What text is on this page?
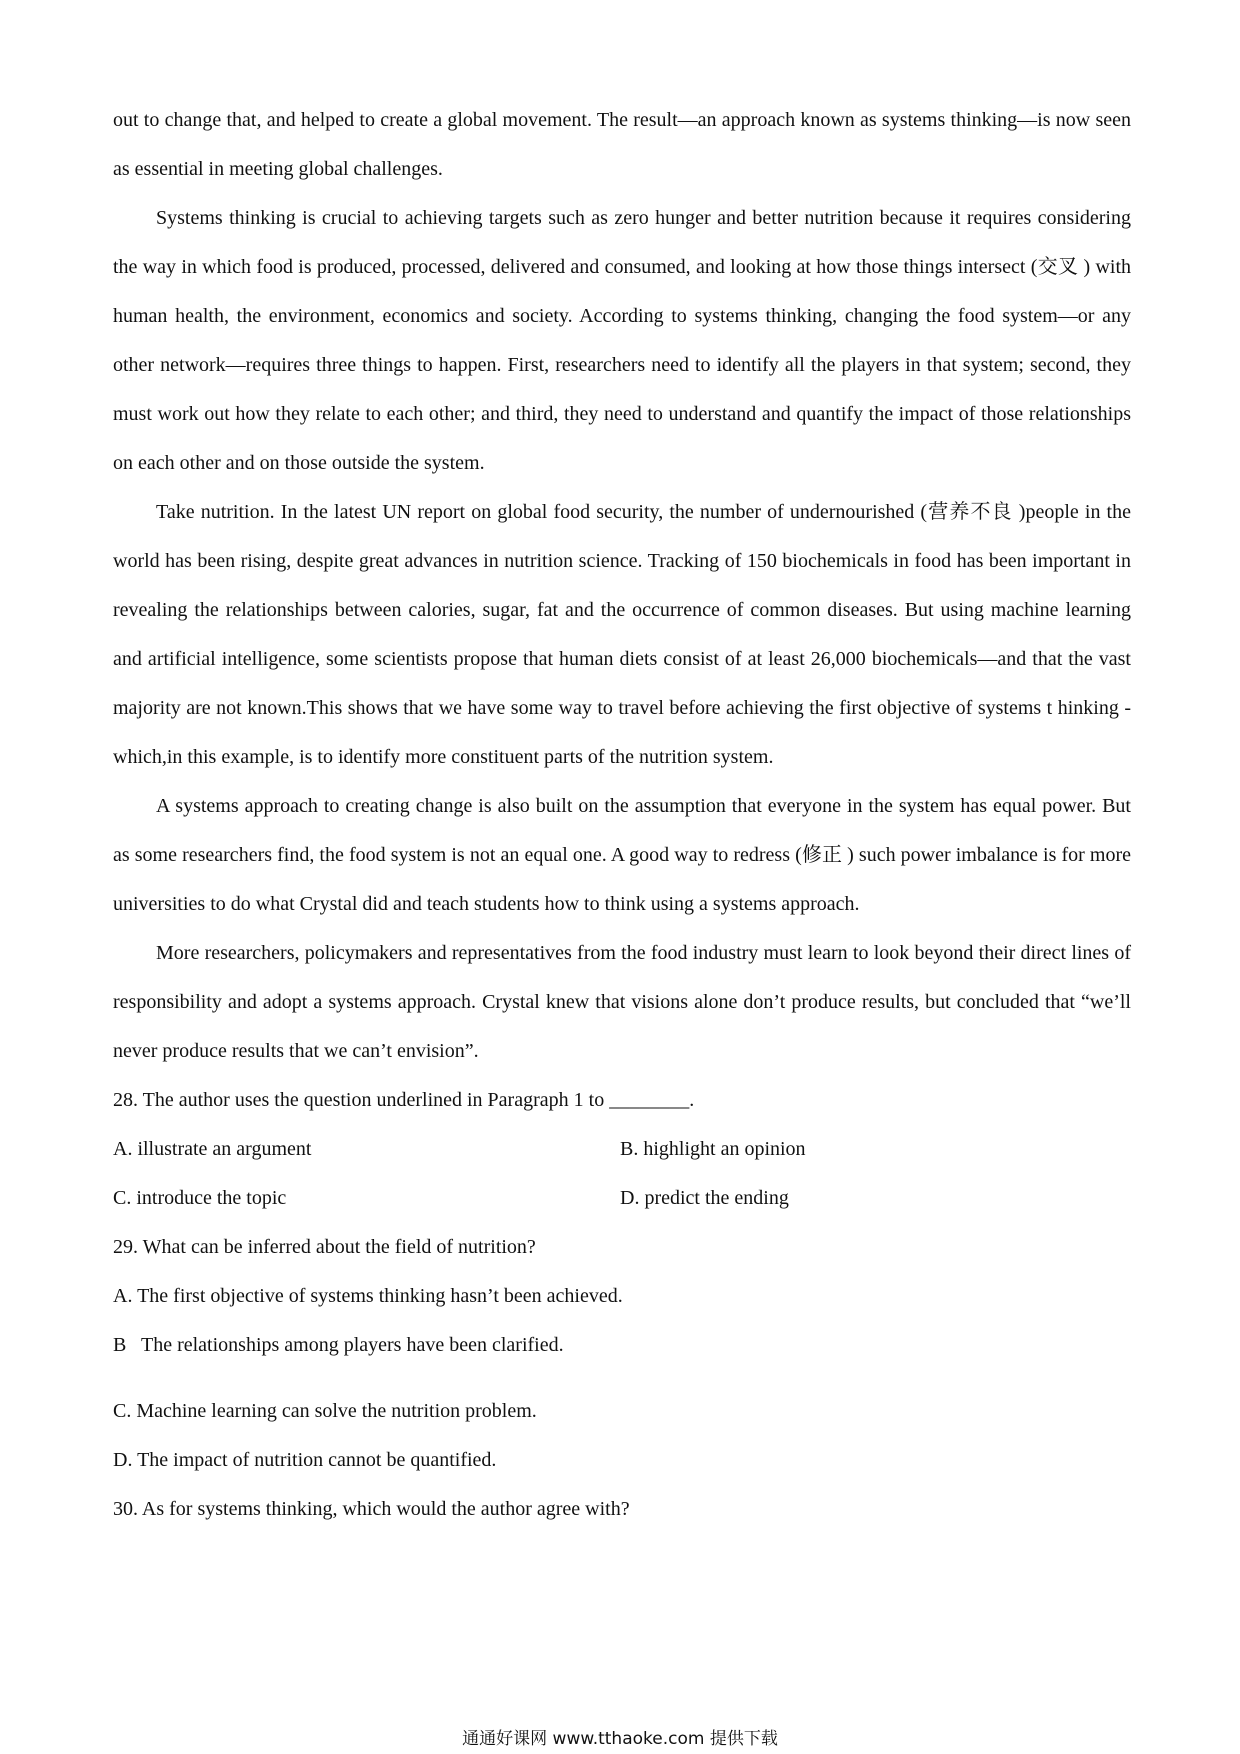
out to change that, and helped to create a global movement. The result—an approach known as systems thinking—is now seen as essential in meeting global challenges.

Systems thinking is crucial to achieving targets such as zero hunger and better nutrition because it requires considering the way in which food is produced, processed, delivered and consumed, and looking at how those things intersect (交叉 ) with human health, the environment, economics and society. According to systems thinking, changing the food system—or any other network—requires three things to happen. First, researchers need to identify all the players in that system; second, they must work out how they relate to each other; and third, they need to understand and quantify the impact of those relationships on each other and on those outside the system.

Take nutrition. In the latest UN report on global food security, the number of undernourished (营养不良 )people in the world has been rising, despite great advances in nutrition science. Tracking of 150 biochemicals in food has been important in revealing the relationships between calories, sugar, fat and the occurrence of common diseases. But using machine learning and artificial intelligence, some scientists propose that human diets consist of at least 26,000 biochemicals—and that the vast majority are not known.This shows that we have some way to travel before achieving the first objective of systems t hinking - which,in this example, is to identify more constituent parts of the nutrition system.

A systems approach to creating change is also built on the assumption that everyone in the system has equal power. But as some researchers find, the food system is not an equal one. A good way to redress (修正 ) such power imbalance is for more universities to do what Crystal did and teach students how to think using a systems approach.

More researchers, policymakers and representatives from the food industry must learn to look beyond their direct lines of responsibility and adopt a systems approach. Crystal knew that visions alone don’t produce results, but concluded that “we’ll never produce results that we can’t envision”.

28. The author uses the question underlined in Paragraph 1 to ________.

A. illustrate an argument	B. highlight an opinion

C. introduce the topic	D. predict the ending

29. What can be inferred about the field of nutrition?

A. The first objective of systems thinking hasn’t been achieved.

B   The relationships among players have been clarified.

C. Machine learning can solve the nutrition problem.

D. The impact of nutrition cannot be quantified.

30. As for systems thinking, which would the author agree with?

通通好课网 www.tthaoke.com 提供下载
